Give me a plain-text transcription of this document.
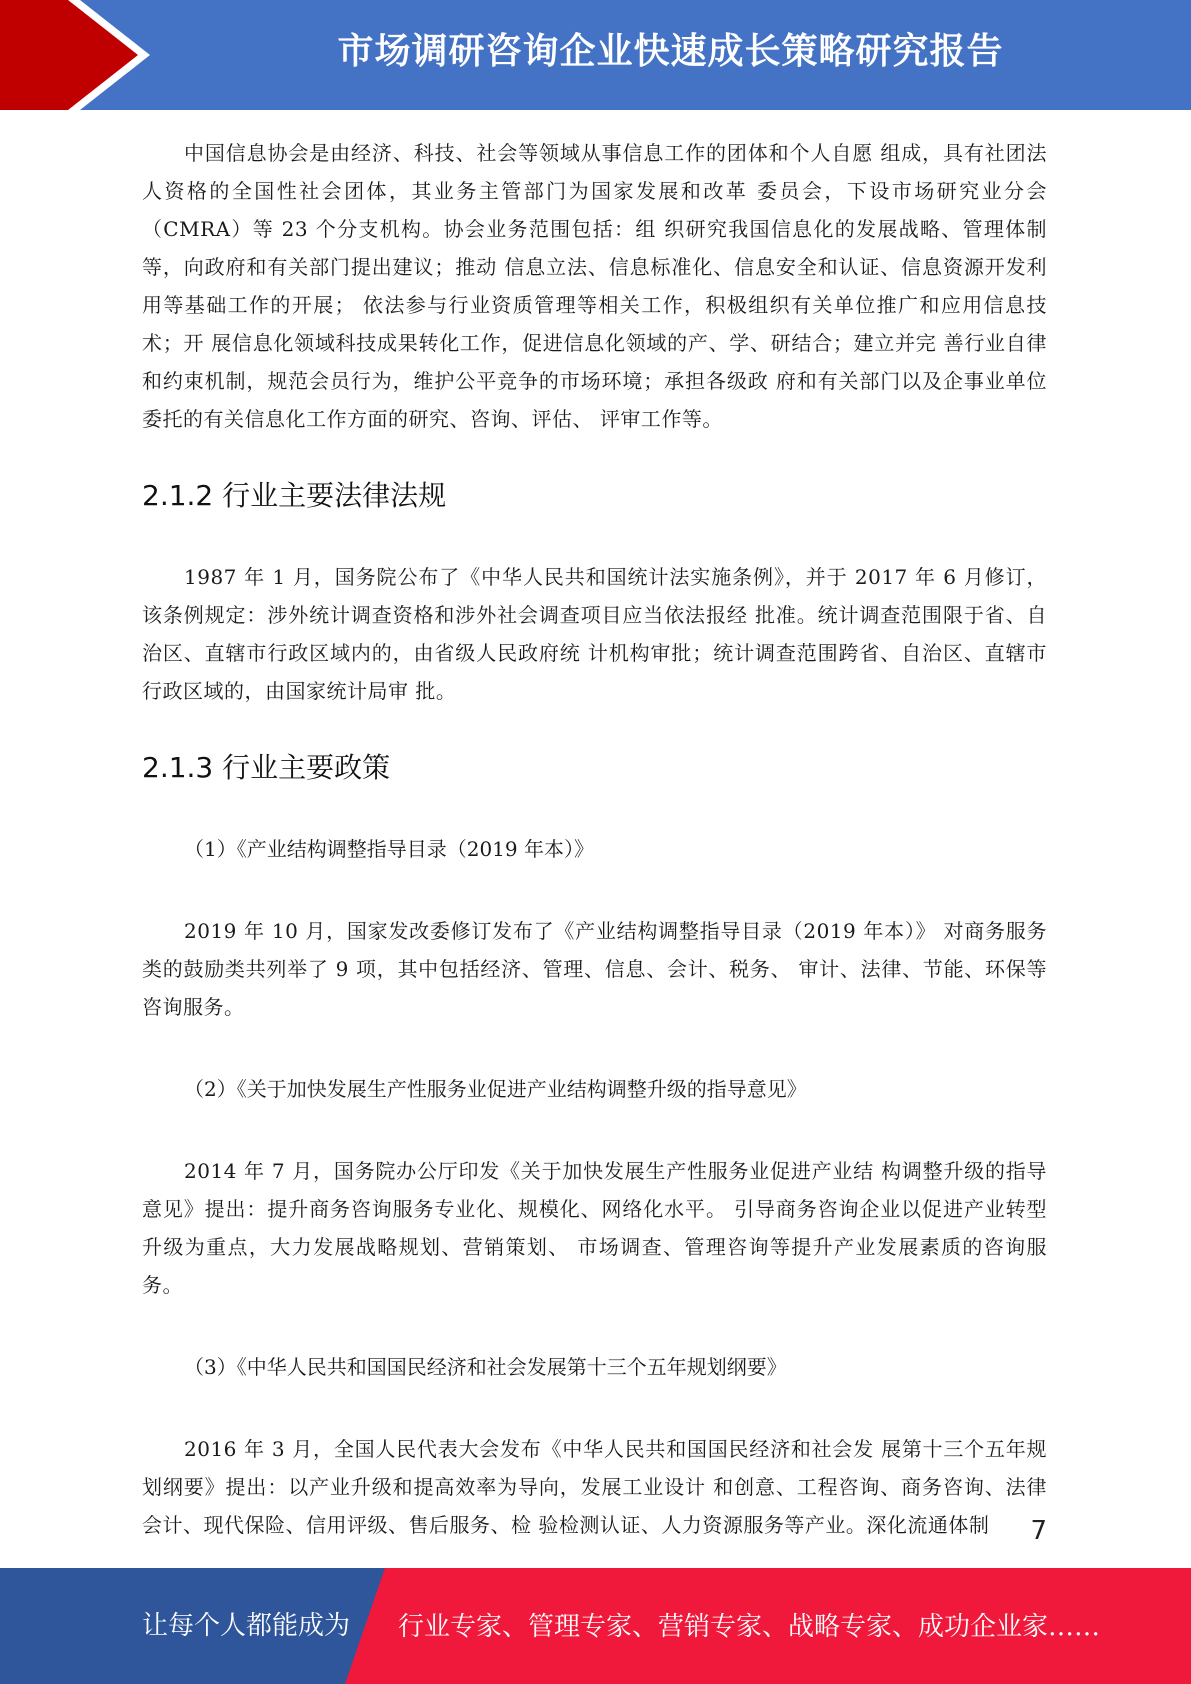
市场调研咨询企业快速成长策略研究报告

中国信息协会是由经济、科技、社会等领域从事信息工作的团体和个人自愿 组成，具有社团法人资格的全国性社会团体，其业务主管部门为国家发展和改革 委员会，下设市场研究业分会（CMRA）等 23 个分支机构。协会业务范围包括：组 织研究我国信息化的发展战略、管理体制等，向政府和有关部门提出建议；推动 信息立法、信息标准化、信息安全和认证、信息资源开发利用等基础工作的开展； 依法参与行业资质管理等相关工作，积极组织有关单位推广和应用信息技术；开 展信息化领域科技成果转化工作，促进信息化领域的产、学、研结合；建立并完 善行业自律和约束机制，规范会员行为，维护公平竞争的市场环境；承担各级政 府和有关部门以及企事业单位委托的有关信息化工作方面的研究、咨询、评估、 评审工作等。

2.1.2 行业主要法律法规

1987 年 1 月，国务院公布了《中华人民共和国统计法实施条例》，并于 2017 年 6 月修订，该条例规定：涉外统计调查资格和涉外社会调查项目应当依法报经 批准。统计调查范围限于省、自治区、直辖市行政区域内的，由省级人民政府统 计机构审批；统计调查范围跨省、自治区、直辖市行政区域的，由国家统计局审 批。

2.1.3 行业主要政策

（1）《产业结构调整指导目录（2019 年本）》

2019 年 10 月，国家发改委修订发布了《产业结构调整指导目录（2019 年本）》 对商务服务类的鼓励类共列举了 9 项，其中包括经济、管理、信息、会计、税务、 审计、法律、节能、环保等咨询服务。

（2）《关于加快发展生产性服务业促进产业结构调整升级的指导意见》

2014 年 7 月，国务院办公厅印发《关于加快发展生产性服务业促进产业结 构调整升级的指导意见》提出：提升商务咨询服务专业化、规模化、网络化水平。 引导商务咨询企业以促进产业转型升级为重点，大力发展战略规划、营销策划、 市场调查、管理咨询等提升产业发展素质的咨询服务。

（3）《中华人民共和国国民经济和社会发展第十三个五年规划纲要》

2016 年 3 月，全国人民代表大会发布《中华人民共和国国民经济和社会发 展第十三个五年规划纲要》提出：以产业升级和提高效率为导向，发展工业设计 和创意、工程咨询、商务咨询、法律会计、现代保险、信用评级、售后服务、检 验检测认证、人力资源服务等产业。深化流通体制	7
让每个人都能成为 行业专家、管理专家、营销专家、战略专家、成功企业家……
